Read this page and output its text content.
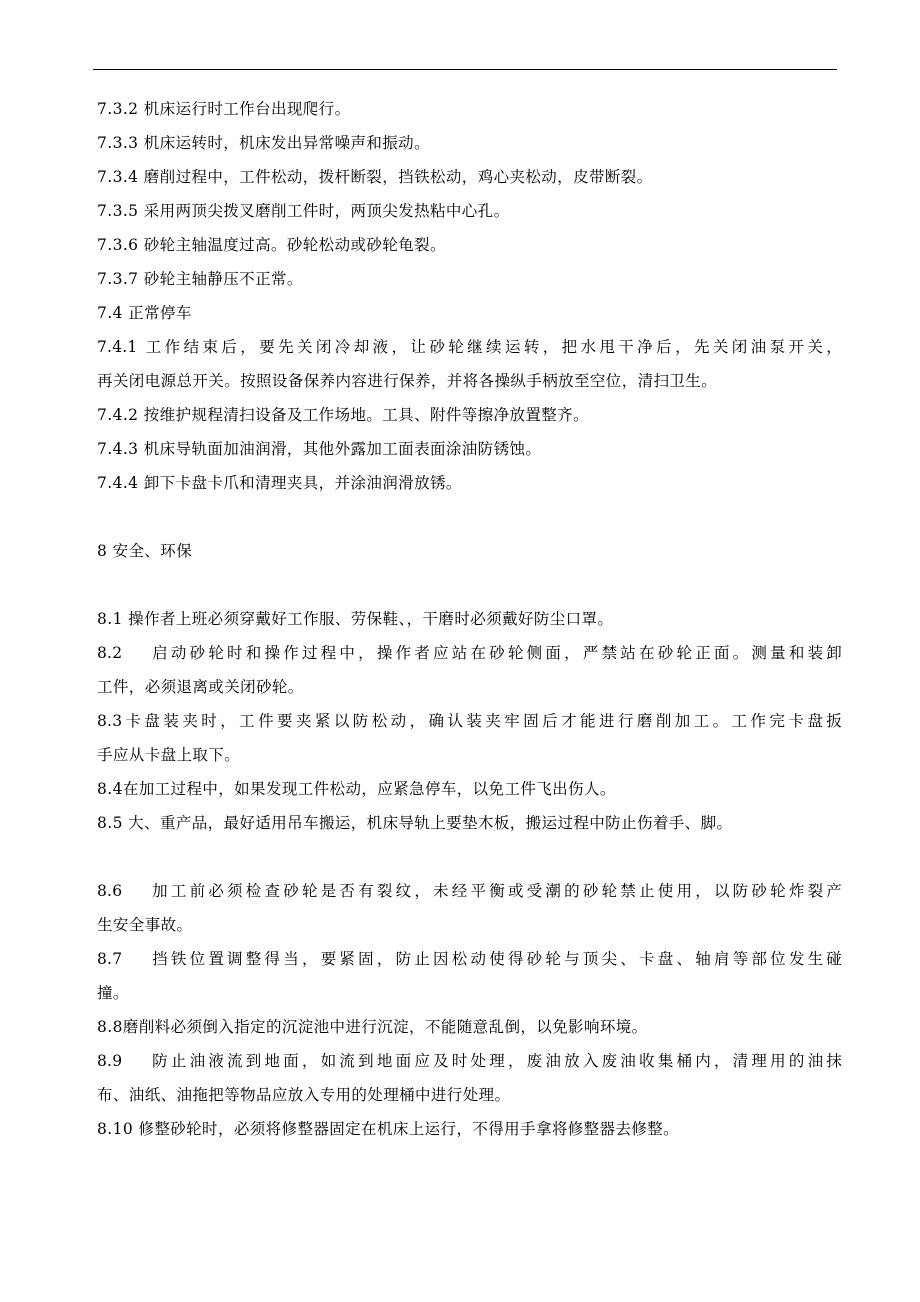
7.3.2 机床运行时工作台出现爬行。
7.3.3 机床运转时，机床发出异常噪声和振动。
7.3.4 磨削过程中，工件松动，拨杆断裂，挡铁松动，鸡心夹松动，皮带断裂。
7.3.5 采用两顶尖拨叉磨削工件时，两顶尖发热粘中心孔。
7.3.6 砂轮主轴温度过高。砂轮松动或砂轮龟裂。
7.3.7 砂轮主轴静压不正常。
7.4 正常停车
7.4.1 工作结束后，要先关闭冷却液，让砂轮继续运转，把水甩干净后，先关闭油泵开关，
再关闭电源总开关。按照设备保养内容进行保养，并将各操纵手柄放至空位，清扫卫生。
7.4.2 按维护规程清扫设备及工作场地。工具、附件等擦净放置整齐。
7.4.3 机床导轨面加油润滑，其他外露加工面表面涂油防锈蚀。
7.4.4 卸下卡盘卡爪和清理夹具，并涂油润滑放锈。
8 安全、环保
8.1 操作者上班必须穿戴好工作服、劳保鞋、，干磨时必须戴好防尘口罩。
8.2　 启动砂轮时和操作过程中，操作者应站在砂轮侧面，严禁站在砂轮正面。测量和装卸
工件，必须退离或关闭砂轮。
8.3卡盘装夹时，工件要夹紧以防松动，确认装夹牢固后才能进行磨削加工。工作完卡盘扳
手应从卡盘上取下。
8.4在加工过程中，如果发现工件松动，应紧急停车，以免工件飞出伤人。
8.5 大、重产品，最好适用吊车搬运，机床导轨上要垫木板，搬运过程中防止伤着手、脚。
8.6　 加工前必须检查砂轮是否有裂纹，未经平衡或受潮的砂轮禁止使用，以防砂轮炸裂产
生安全事故。
8.7　 挡铁位置调整得当，要紧固，防止因松动使得砂轮与顶尖、卡盘、轴肩等部位发生碰
撞。
8.8磨削料必须倒入指定的沉淀池中进行沉淀，不能随意乱倒，以免影响环境。
8.9　 防止油液流到地面，如流到地面应及时处理，废油放入废油收集桶内，清理用的油抹
布、油纸、油拖把等物品应放入专用的处理桶中进行处理。
8.10 修整砂轮时，必须将修整器固定在机床上运行，不得用手拿将修整器去修整。
